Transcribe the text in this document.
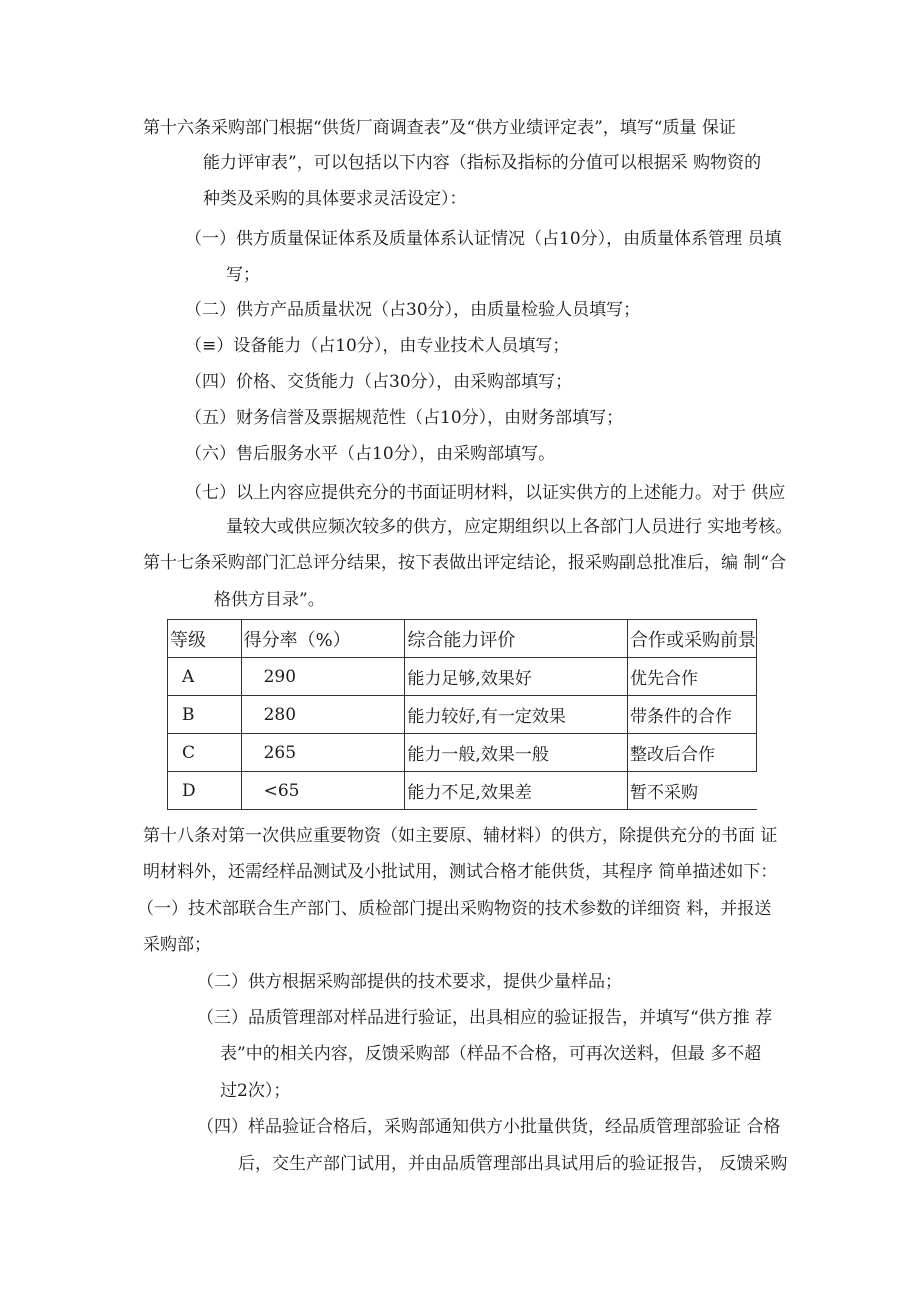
第十六条采购部门根据“供货厂商调查表”及“供方业绩评定表”，填写“质量 保证
能力评审表”，可以包括以下内容（指标及指标的分值可以根据采 购物资的
种类及采购的具体要求灵活设定）：
（一）供方质量保证体系及质量体系认证情况（占10分），由质量体系管理 员填
写；
（二）供方产品质量状况（占30分），由质量检验人员填写；
（≡）设备能力（占10分），由专业技术人员填写；
（四）价格、交货能力（占30分），由采购部填写；
（五）财务信誉及票据规范性（占10分），由财务部填写；
（六）售后服务水平（占10分），由采购部填写。
（七）以上内容应提供充分的书面证明材料，以证实供方的上述能力。对于 供应
量较大或供应频次较多的供方，应定期组织以上各部门人员进行 实地考核。
第十七条采购部门汇总评分结果，按下表做出评定结论，报采购副总批准后，编 制“合
格供方目录”。
等级	得分率（%）	综合能力评价	合作或采购前景
A	290	能力足够,效果好	优先合作
B	280	能力较好,有一定效果	带条件的合作
C	265	能力一般,效果一般	整改后合作
D	<65	能力不足,效果差	暂不采购
第十八条对第一次供应重要物资（如主要原、辅材料）的供方，除提供充分的书面 证
明材料外，还需经样品测试及小批试用，测试合格才能供货，其程序 简单描述如下：
（一）技术部联合生产部门、质检部门提出采购物资的技术参数的详细资 料，并报送
采购部；
（二）供方根据采购部提供的技术要求，提供少量样品；
（三）品质管理部对样品进行验证，出具相应的验证报告，并填写“供方推 荐
表”中的相关内容，反馈采购部（样品不合格，可再次送料，但最 多不超
过2次）；
（四）样品验证合格后，采购部通知供方小批量供货，经品质管理部验证 合格
后，交生产部门试用，并由品质管理部出具试用后的验证报告， 反馈采购
